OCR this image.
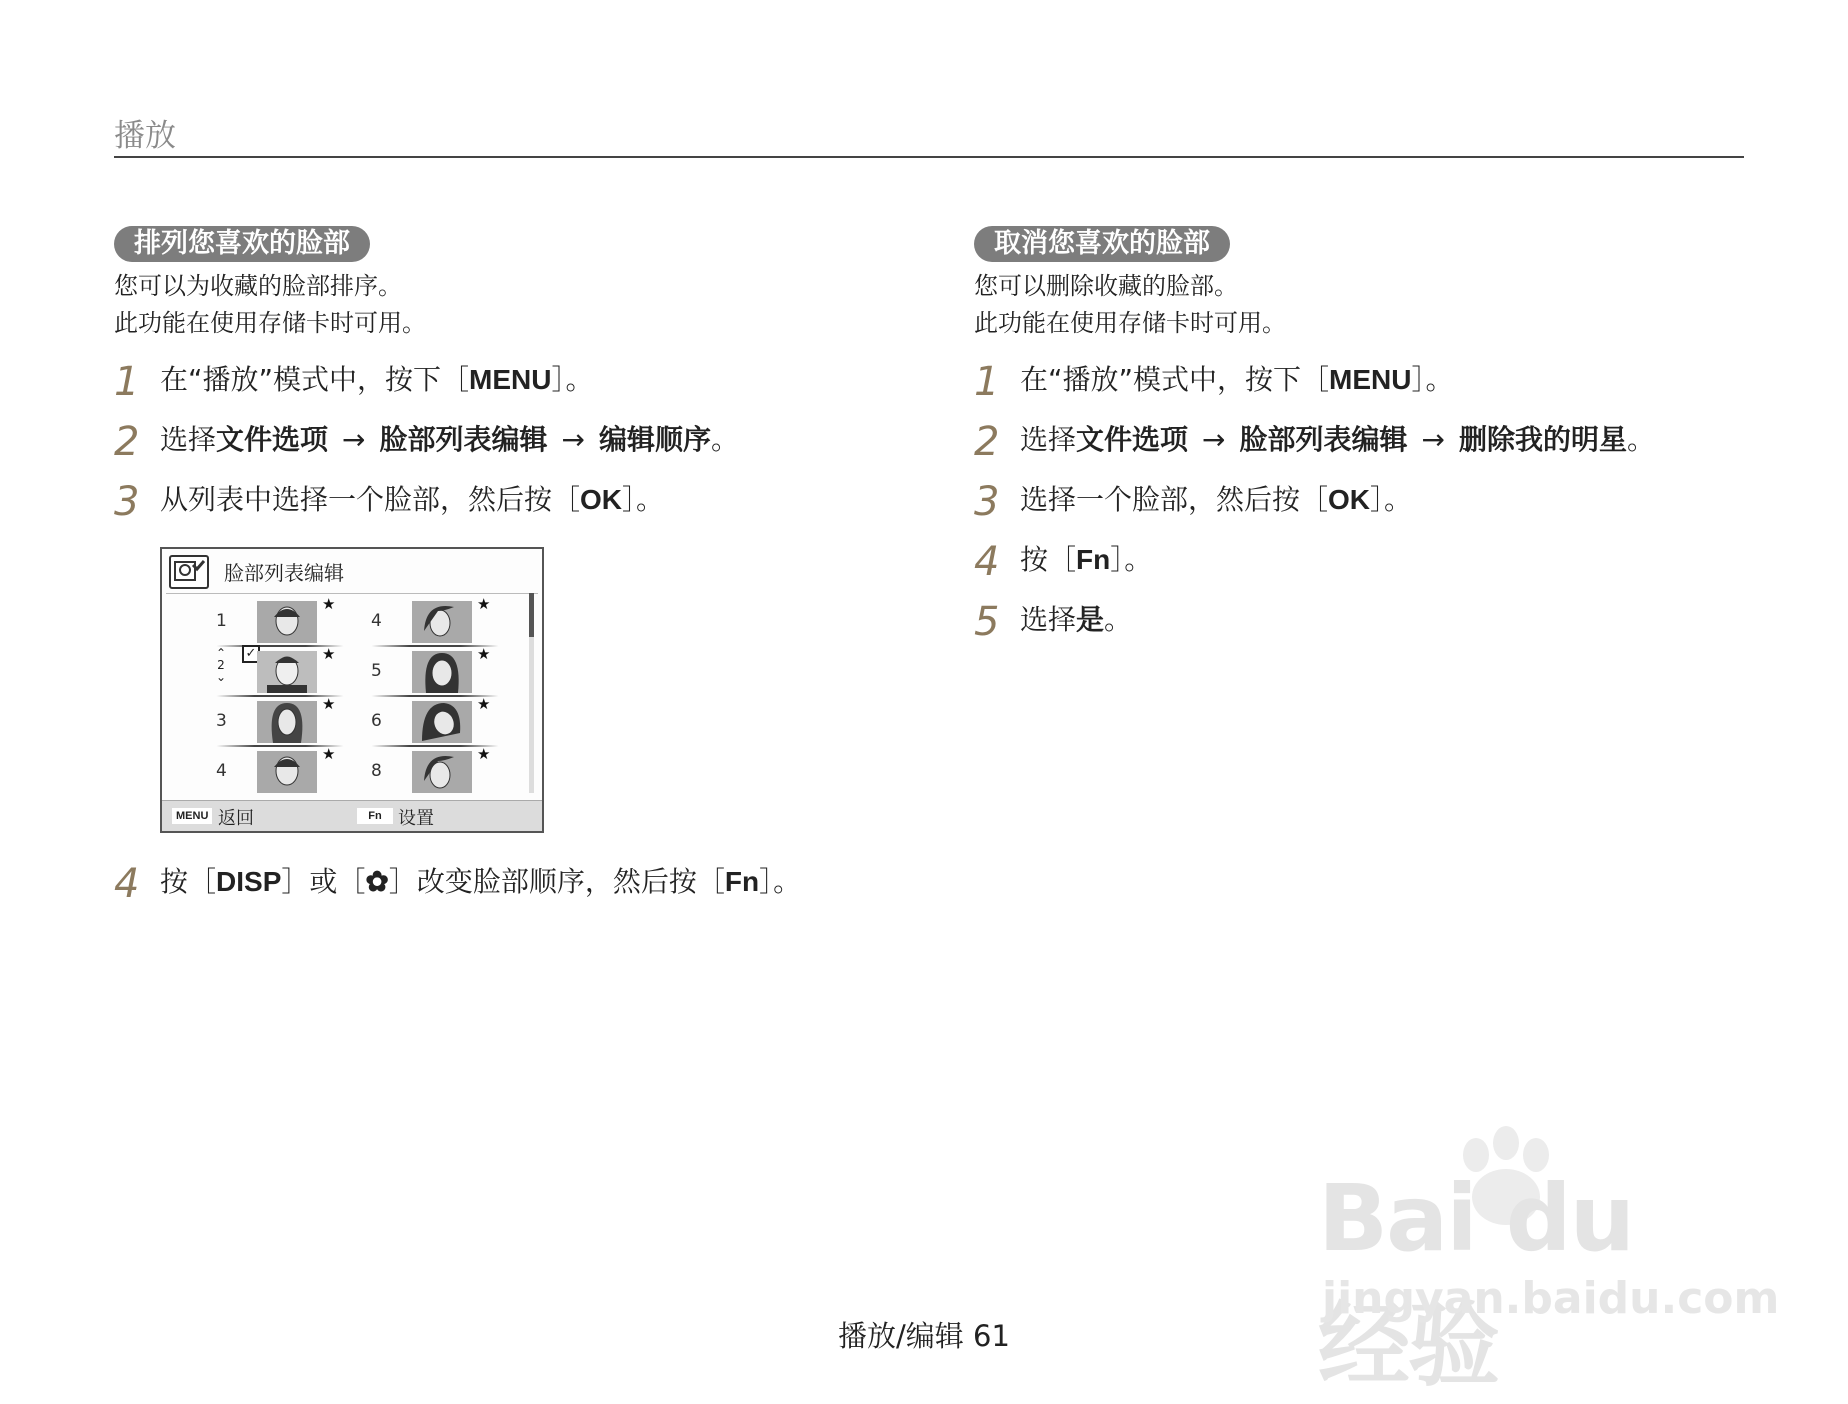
播放
排列您喜欢的脸部
您可以为收藏的脸部排序。
此功能在使用存储卡时可用。
1 在“播放”模式中，按下［MENU］。
2 选择文件选项 → 脸部列表编辑 → 编辑顺序。
3 从列表中选择一个脸部，然后按［OK］。
脸部列表编辑
1
★
4
★
⌃
2
⌄
✓	★
5
★
3
★
6
★
4
★
8
★
MENU 返回	Fn 设置
4 按［DISP］或［✿］改变脸部顺序，然后按［Fn］。
取消您喜欢的脸部
您可以删除收藏的脸部。
此功能在使用存储卡时可用。
1 在“播放”模式中，按下［MENU］。
2 选择文件选项 → 脸部列表编辑 → 删除我的明星。
3 选择一个脸部，然后按［OK］。
4 按［Fn］。
5 选择是。
播放/编辑 61
Bai du 经验
jingyan.baidu.com
